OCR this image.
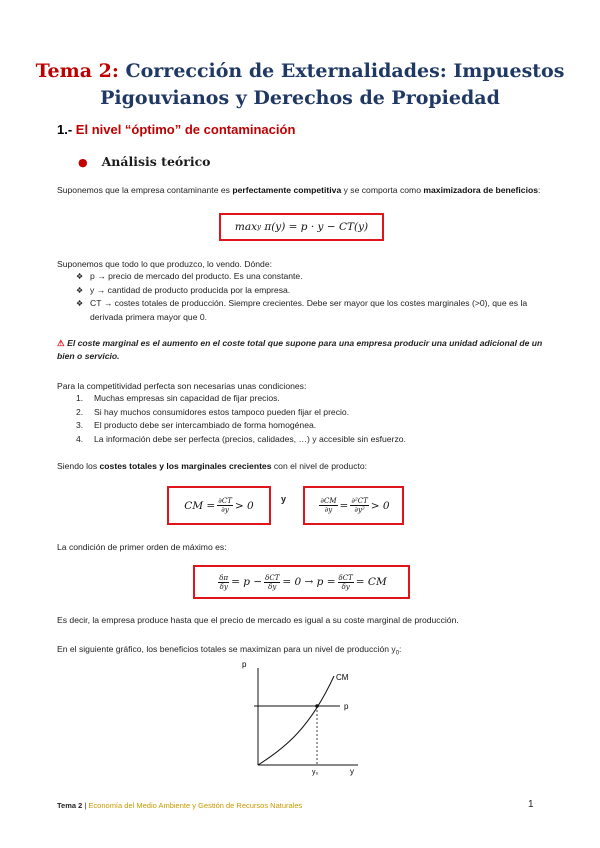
Tema 2: Corrección de Externalidades: Impuestos
Pigouvianos y Derechos de Propiedad
1.- El nivel “óptimo” de contaminación
● Análisis teórico
Suponemos que la empresa contaminante es perfectamente competitiva y se comporta como maximizadora de beneficios:
max y
π(y) = p · y − CT(y)
Suponemos que todo lo que produzco, lo vendo. Dónde:
❖ p → precio de mercado del producto. Es una constante.
❖ y → cantidad de producto producida por la empresa.
❖ CT → costes totales de producción. Siempre crecientes. Debe ser mayor que los costes marginales (>0), que es la derivada primera mayor que 0.
⚠ El coste marginal es el aumento en el coste total que supone para una empresa producir una unidad adicional de un bien o servicio.
Para la competitividad perfecta son necesarias unas condiciones:
1.	Muchas empresas sin capacidad de fijar precios.
2.	Si hay muchos consumidores estos tampoco pueden fijar el precio.
3.	El producto debe ser intercambiado de forma homogénea.
4.	La información debe ser perfecta (precios, calidades, …) y accesible sin esfuerzo.
Siendo los costes totales y los marginales crecientes con el nivel de producto:
CM = $\frac{\partial CT}{\partial y} > 0$
y	$\frac{\partial CM}{\partial y} = \frac{\text{∂²CT}}{\text{∂y²}} > 0$
La condición de primer orden de máximo es:
$\frac{\delta\pi}{\delta y} = p - \frac{\text{δCT}}{\delta y} = 0 \to p = \frac{\text{δCT}}{\delta y}$ = CM
Es decir, la empresa produce hasta que el precio de mercado es igual a su coste marginal de producción.
En el siguiente gráfico, los beneficios totales se maximizan para un nivel de producción $y_0$:
p
CM
p
y₀	y
Tema 2 | Economía del Medio Ambiente y Gestión de Recursos Naturales	1
